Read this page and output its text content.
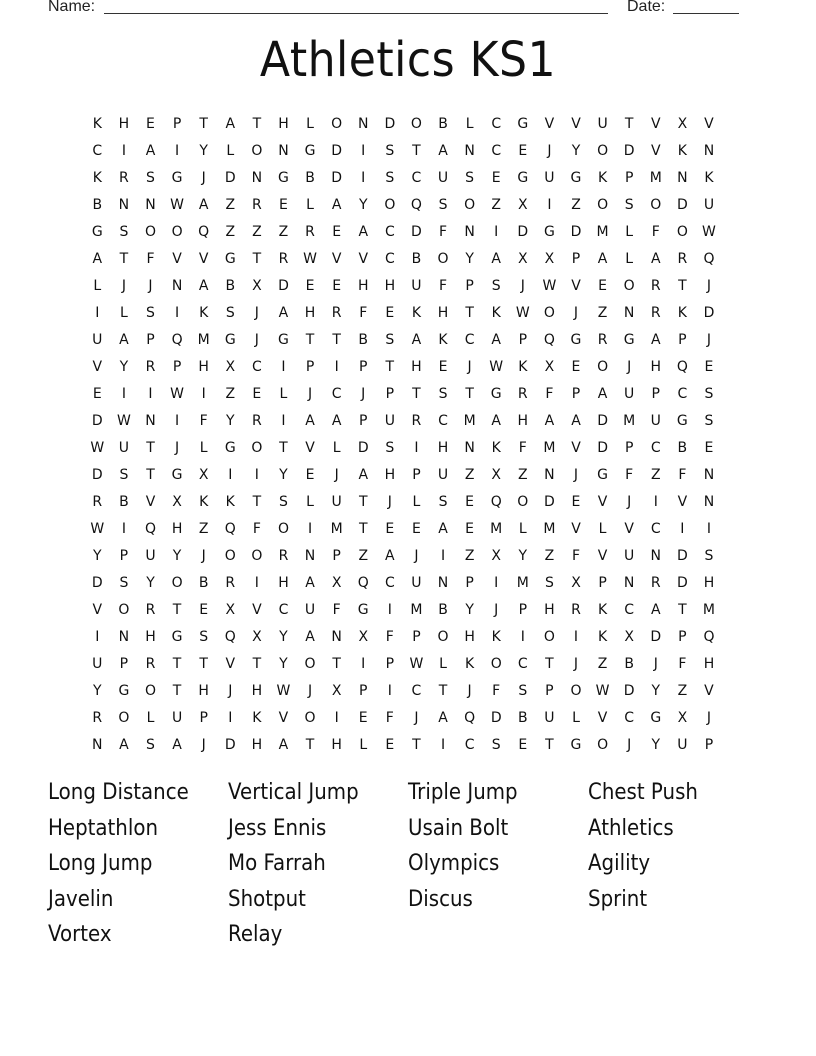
Name:	Date:
Athletics KS1
K	H	E	P	T	A	T	H	L	O	N	D	O	B	L	C	G	V	V	U	T	V	X	V
C	I	A	I	Y	L	O	N	G	D	I	S	T	A	N	C	E	J	Y	O	D	V	K	N
K	R	S	G	J	D	N	G	B	D	I	S	C	U	S	E	G	U	G	K	P	M	N	K
B	N	N	W	A	Z	R	E	L	A	Y	O	Q	S	O	Z	X	I	Z	O	S	O	D	U
G	S	O	O	Q	Z	Z	Z	R	E	A	C	D	F	N	I	D	G	D	M	L	F	O	W
A	T	F	V	V	G	T	R	W	V	V	C	B	O	Y	A	X	X	P	A	L	A	R	Q
L	J	J	N	A	B	X	D	E	E	H	H	U	F	P	S	J	W	V	E	O	R	T	J
I	L	S	I	K	S	J	A	H	R	F	E	K	H	T	K	W	O	J	Z	N	R	K	D
U	A	P	Q	M	G	J	G	T	T	B	S	A	K	C	A	P	Q	G	R	G	A	P	J
V	Y	R	P	H	X	C	I	P	I	P	T	H	E	J	W	K	X	E	O	J	H	Q	E
E	I	I	W	I	Z	E	L	J	C	J	P	T	S	T	G	R	F	P	A	U	P	C	S
D	W	N	I	F	Y	R	I	A	A	P	U	R	C	M	A	H	A	A	D	M	U	G	S
W	U	T	J	L	G	O	T	V	L	D	S	I	H	N	K	F	M	V	D	P	C	B	E
D	S	T	G	X	I	I	Y	E	J	A	H	P	U	Z	X	Z	N	J	G	F	Z	F	N
R	B	V	X	K	K	T	S	L	U	T	J	L	S	E	Q	O	D	E	V	J	I	V	N
W	I	Q	H	Z	Q	F	O	I	M	T	E	E	A	E	M	L	M	V	L	V	C	I	I
Y	P	U	Y	J	O	O	R	N	P	Z	A	J	I	Z	X	Y	Z	F	V	U	N	D	S
D	S	Y	O	B	R	I	H	A	X	Q	C	U	N	P	I	M	S	X	P	N	R	D	H
V	O	R	T	E	X	V	C	U	F	G	I	M	B	Y	J	P	H	R	K	C	A	T	M
I	N	H	G	S	Q	X	Y	A	N	X	F	P	O	H	K	I	O	I	K	X	D	P	Q
U	P	R	T	T	V	T	Y	O	T	I	P	W	L	K	O	C	T	J	Z	B	J	F	H
Y	G	O	T	H	J	H	W	J	X	P	I	C	T	J	F	S	P	O	W	D	Y	Z	V
R	O	L	U	P	I	K	V	O	I	E	F	J	A	Q	D	B	U	L	V	C	G	X	J
N	A	S	A	J	D	H	A	T	H	L	E	T	I	C	S	E	T	G	O	J	Y	U	P
Long Distance	Vertical Jump	Triple Jump	Chest Push
Heptathlon	Jess Ennis	Usain Bolt	Athletics
Long Jump	Mo Farrah	Olympics	Agility
Javelin	Shotput	Discus	Sprint
Vortex	Relay
